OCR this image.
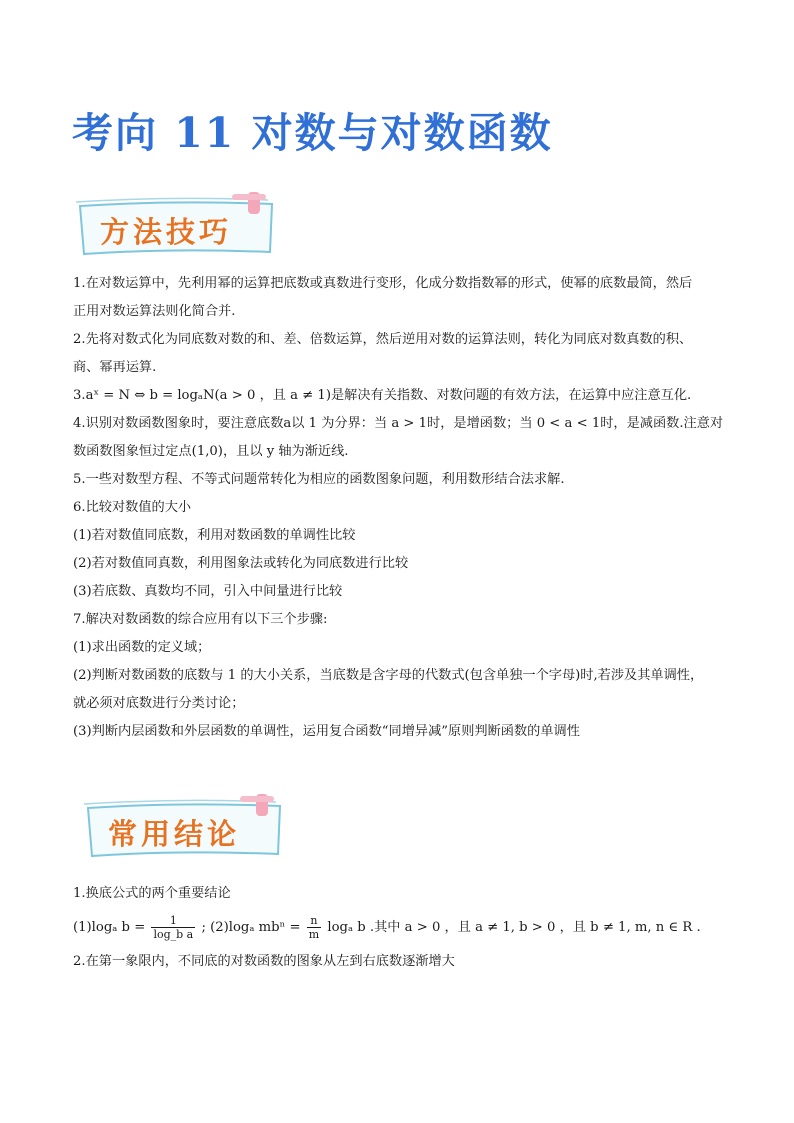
考向 11 对数与对数函数
方法技巧

1.在对数运算中，先利用幂的运算把底数或真数进行变形，化成分数指数幂的形式，使幂的底数最简，然后

正用对数运算法则化简合并.

2.先将对数式化为同底数对数的和、差、倍数运算，然后逆用对数的运算法则，转化为同底对数真数的积、

商、幂再运算.

3.aˣ = N ⇔ b = logₐN(a > 0 ，且 a ≠ 1)是解决有关指数、对数问题的有效方法，在运算中应注意互化.

4.识别对数函数图象时，要注意底数a以 1 为分界：当 a > 1时，是增函数；当 0 < a < 1时，是减函数.注意对

数函数图象恒过定点(1,0)，且以 y 轴为渐近线.

5.一些对数型方程、不等式问题常转化为相应的函数图象问题，利用数形结合法求解.

6.比较对数值的大小

(1)若对数值同底数，利用对数函数的单调性比较

(2)若对数值同真数，利用图象法或转化为同底数进行比较

(3)若底数、真数均不同，引入中间量进行比较

7.解决对数函数的综合应用有以下三个步骤:

(1)求出函数的定义域；

(2)判断对数函数的底数与 1 的大小关系，当底数是含字母的代数式(包含单独一个字母)时,若涉及其单调性，

就必须对底数进行分类讨论；

(3)判断内层函数和外层函数的单调性，运用复合函数“同增异减”原则判断函数的单调性

常用结论

1.换底公式的两个重要结论

(1)logₐ $b = \frac{1}{\text{log\_b a}}$ ; (2)logₐ $mb^n = \frac{n}{m}$ logₐ b .其中 a > 0 ，且 a ≠ 1, b > 0 ，且 b ≠ 1, m, n ∈ R .

2.在第一象限内，不同底的对数函数的图象从左到右底数逐渐增大
